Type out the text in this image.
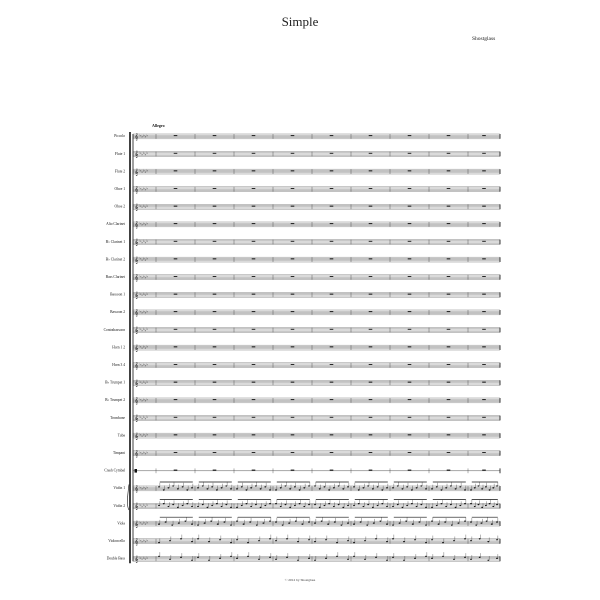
Simple
Shostglass
Allegro
Piccolo 𝄞 ♭ ♭ ♭ ♭ ♭
Flute 1 𝄞 ♭ ♭ ♭ ♭ ♭
Flute 2 𝄞 ♭ ♭ ♭ ♭ ♭
Oboe 1 𝄞 ♭ ♭ ♭ ♭ ♭
Oboe 2 𝄞 ♭ ♭ ♭ ♭ ♭
Alto Clarinet 𝄞 ♭ ♭ ♭ ♭ ♭
B♭ Clarinet 1 𝄞 ♭ ♭ ♭ ♭ ♭
B♭ Clarinet 2 𝄞 ♭ ♭ ♭ ♭ ♭
Bass Clarinet 𝄞 ♭ ♭ ♭ ♭ ♭
Bassoon 1 𝄞 ♭ ♭ ♭ ♭ ♭
Bassoon 2 𝄞 ♭ ♭ ♭ ♭ ♭
Contrabassoon 𝄞 ♭ ♭ ♭ ♭ ♭
Horn 1 2 𝄞 ♭ ♭ ♭ ♭ ♭
Horn 3 4 𝄞 ♭ ♭ ♭ ♭ ♭
B♭ Trumpet 1 𝄞 ♭ ♭ ♭ ♭ ♭
B♭ Trumpet 2 𝄞 ♭ ♭ ♭ ♭ ♭
Trombone 𝄞 ♭ ♭ ♭ ♭ ♭
Tuba 𝄞 ♭ ♭ ♭ ♭ ♭
Timpani 𝄞 ♭ ♭ ♭ ♭ ♭
Crash Cymbal
Violin 1 𝄞 ♭ ♭ ♭ ♭ ♭
Violin 2 𝄞 ♭ ♭ ♭ ♭ ♭
Viola 𝄞 ♭ ♭ ♭ ♭ ♭
Violoncello 𝄞 ♭ ♭ ♭ ♭ ♭
Double Bass 𝄞 ♭ ♭ ♭ ♭ ♭
© 2012 by Shostglass
